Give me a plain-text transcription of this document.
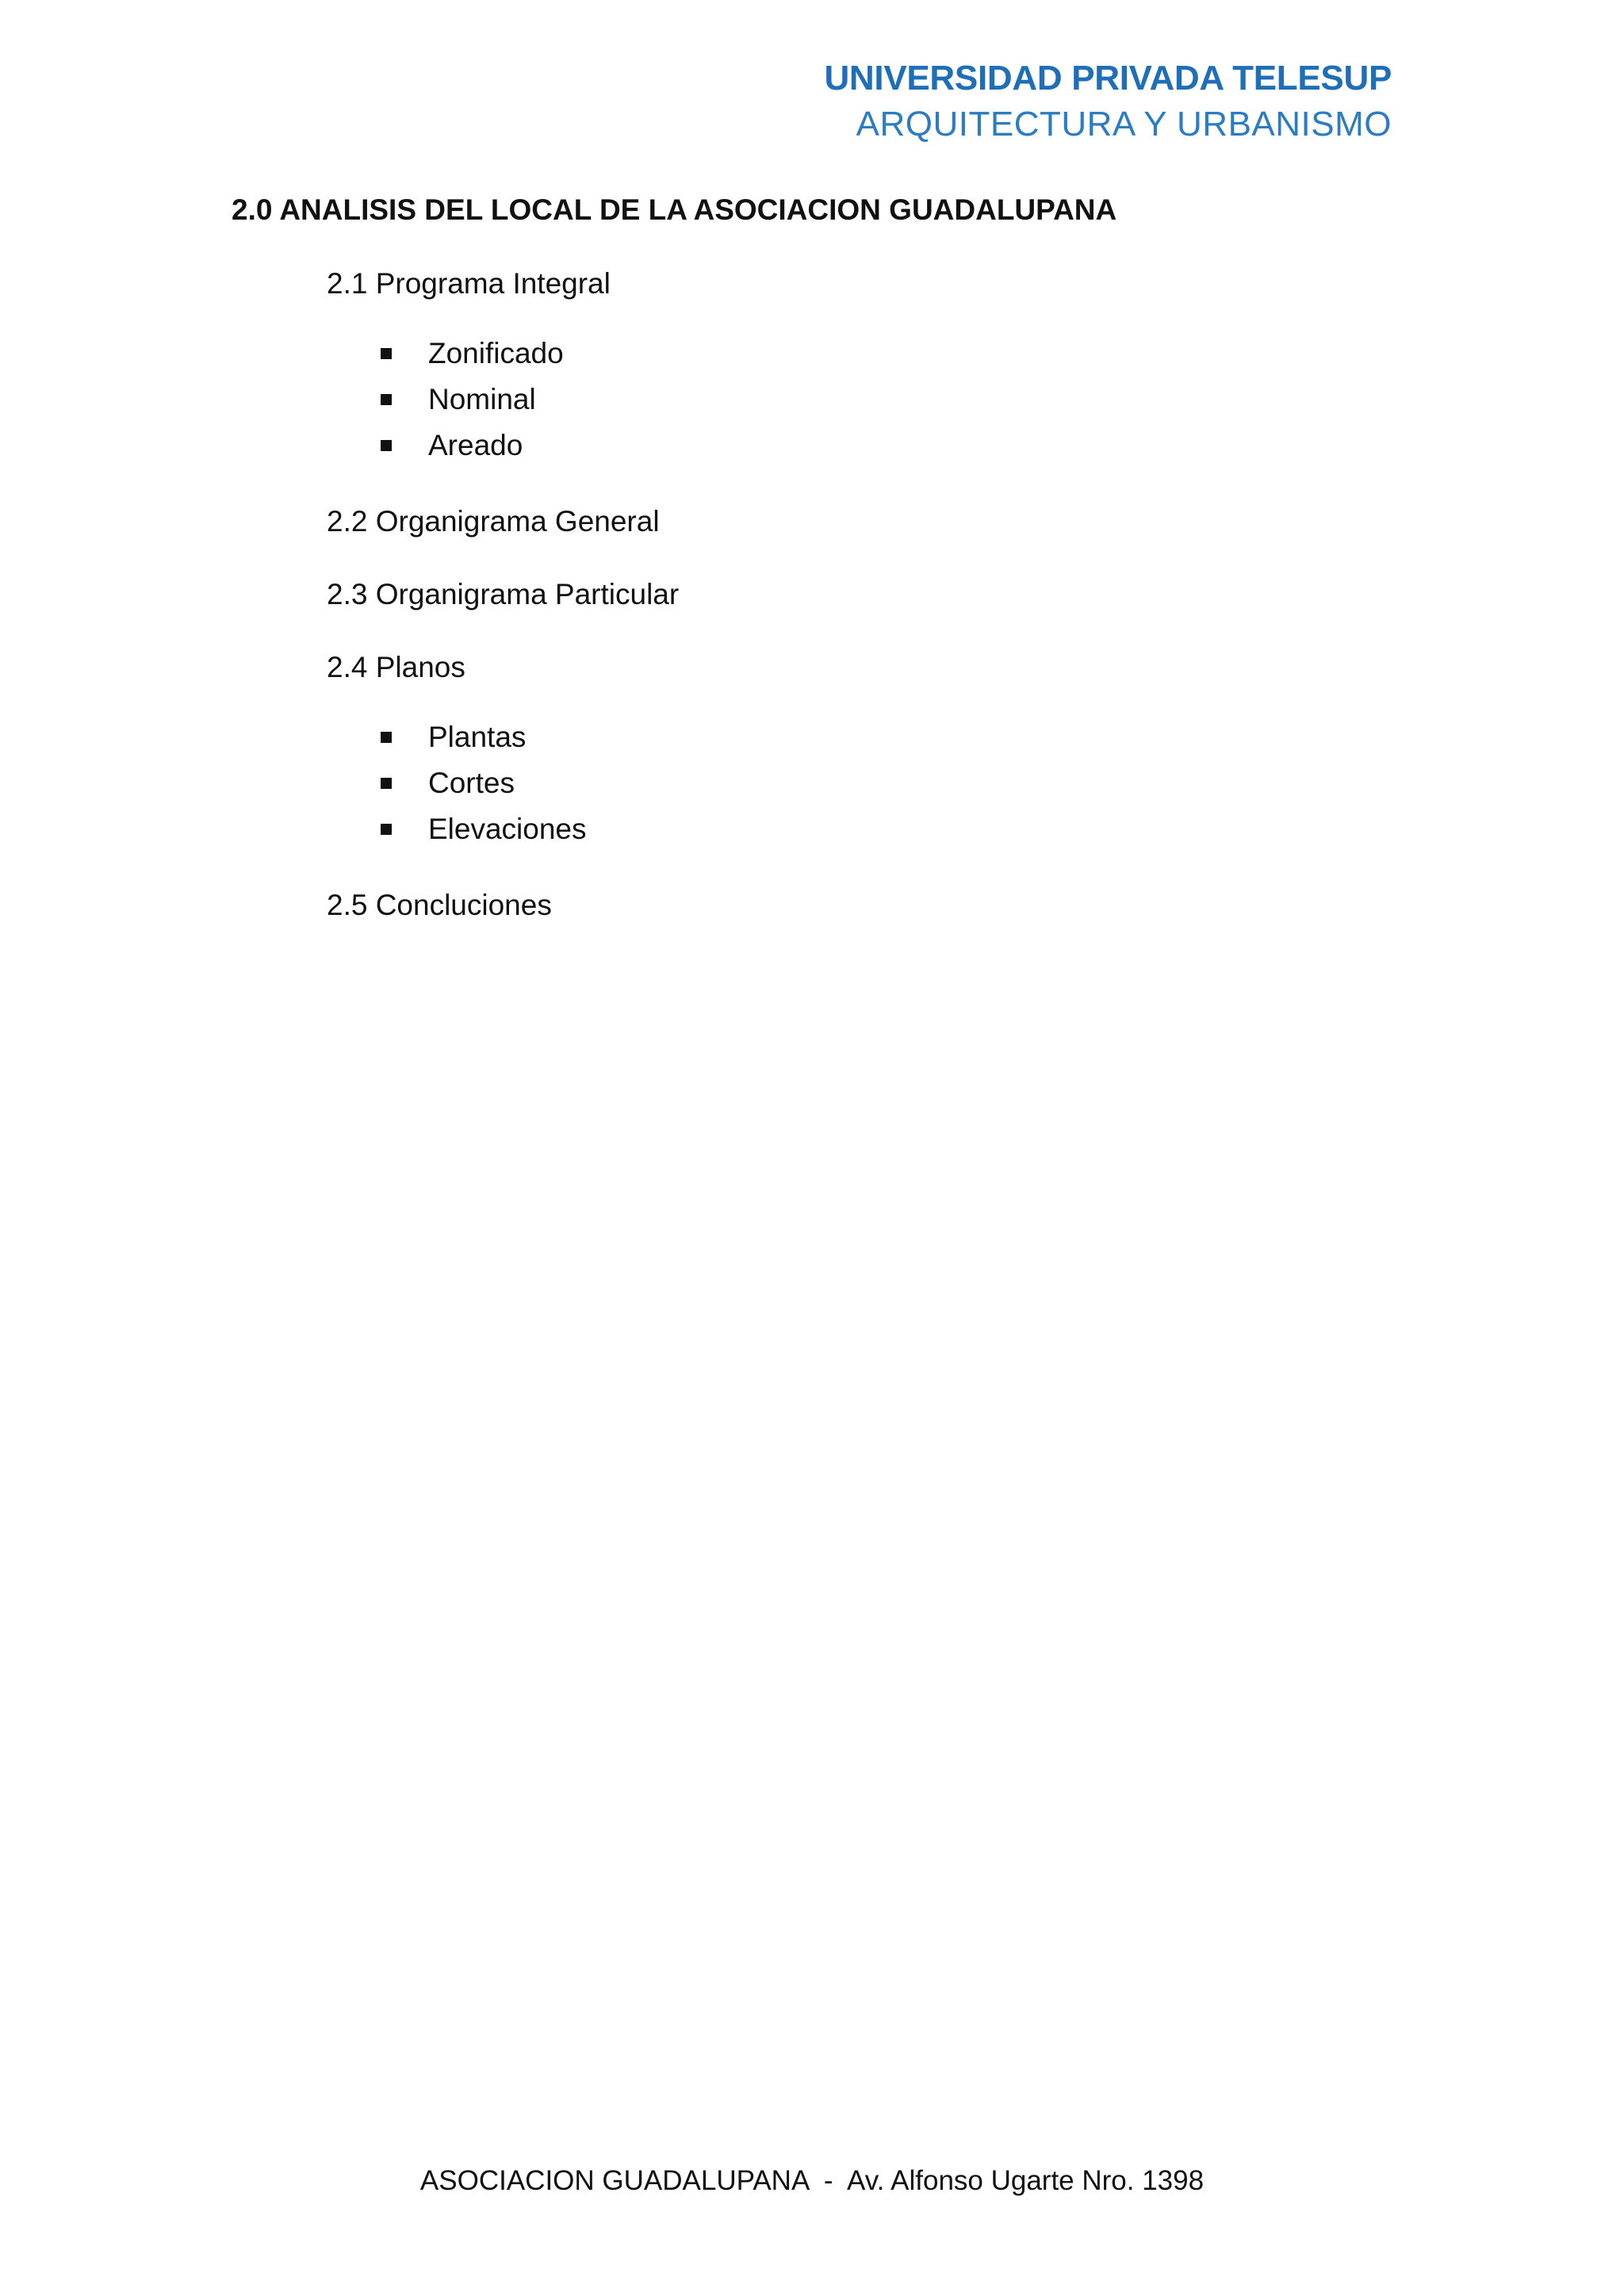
UNIVERSIDAD PRIVADA TELESUP
ARQUITECTURA Y URBANISMO
2.0 ANALISIS DEL LOCAL DE LA ASOCIACION GUADALUPANA
2.1 Programa Integral
Zonificado
Nominal
Areado
2.2 Organigrama General
2.3 Organigrama Particular
2.4 Planos
Plantas
Cortes
Elevaciones
2.5 Concluciones
ASOCIACION GUADALUPANA  -  Av. Alfonso Ugarte Nro. 1398
